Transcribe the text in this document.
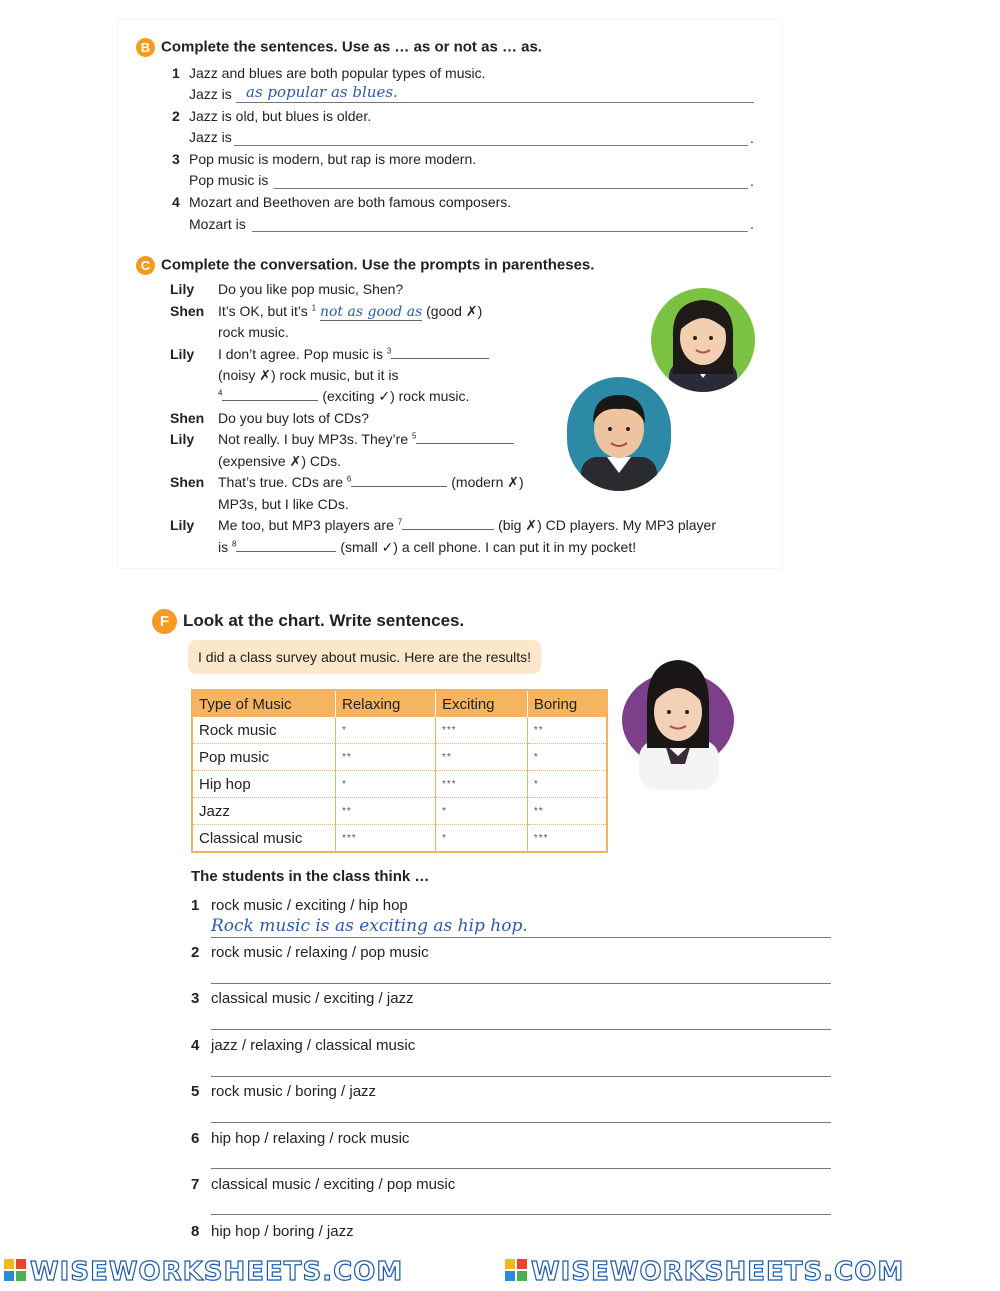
B Complete the sentences. Use as … as or not as … as.
1 Jazz and blues are both popular types of music.
Jazz is as popular as blues.
2 Jazz is old, but blues is older.
Jazz is	.
3 Pop music is modern, but rap is more modern.
Pop music is	.
4 Mozart and Beethoven are both famous composers.
Mozart is	.
C Complete the conversation. Use the prompts in parentheses.
Lily Do you like pop music, Shen?
Shen It’s OK, but it’s $^1$ not as good as (good ✗)
rock music.
Lily I don’t agree. Pop music is $^3$
(noisy ✗) rock music, but it is
$^4$	(exciting ✓) rock music.
Shen Do you buy lots of CDs?
Lily Not really. I buy MP3s. They’re $^5$
(expensive ✗) CDs.
Shen That’s true. CDs are $^6$	(modern ✗)
MP3s, but I like CDs.
Lily Me too, but MP3 players are $^7$	(big ✗) CD players. My MP3 player
is $^8$	(small ✓) a cell phone. I can put it in my pocket!
F Look at the chart. Write sentences.
I did a class survey about music. Here are the results!
Type of Music	Relaxing	Exciting	Boring
Rock music	*	***	**
Pop music	**	**	*
Hip hop	*	***	*
Jazz	**	*	**
Classical music	***	*	***
The students in the class think …
1 rock music / exciting / hip hop
Rock music is as exciting as hip hop.
2 rock music / relaxing / pop music
3 classical music / exciting / jazz
4 jazz / relaxing / classical music
5 rock music / boring / jazz
6 hip hop / relaxing / rock music
7 classical music / exciting / pop music
8 hip hop / boring / jazz
WISEWORKSHEETS.COM	WISEWORKSHEETS.COM
